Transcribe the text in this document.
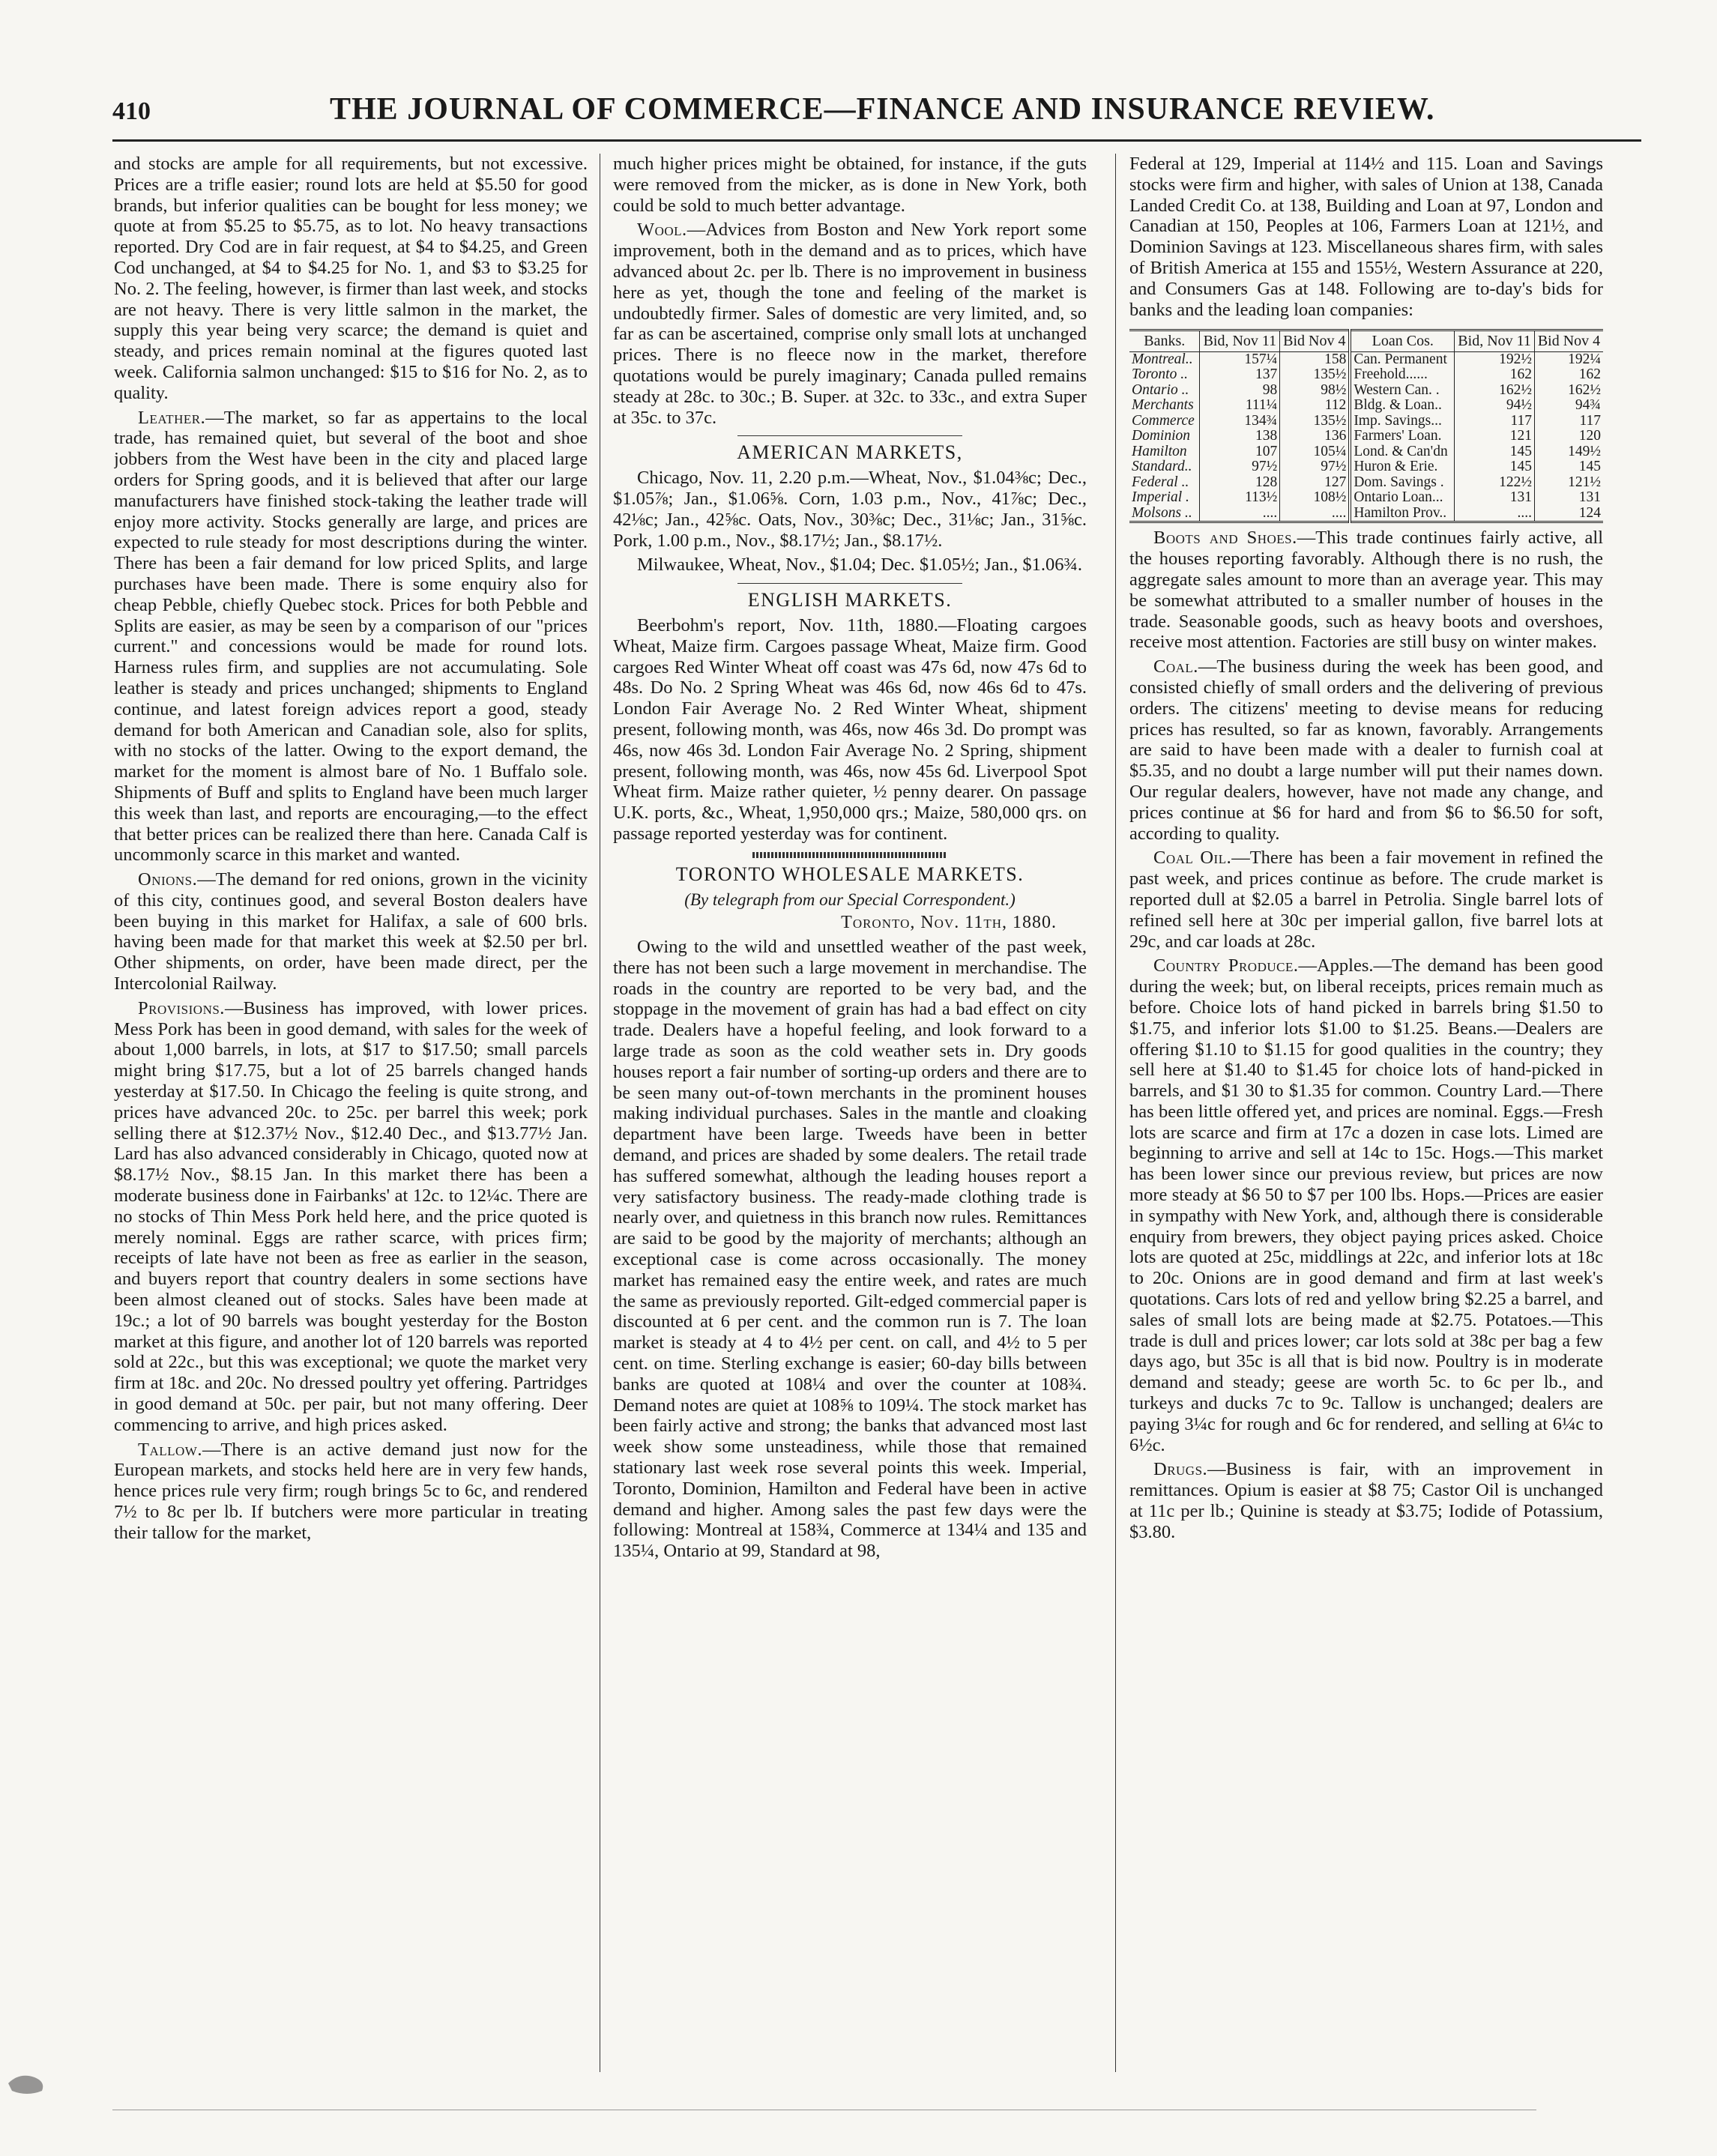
410	THE JOURNAL OF COMMERCE—FINANCE AND INSURANCE REVIEW.

and stocks are ample for all requirements, but not excessive. Prices are a trifle easier; round lots are held at $5.50 for good brands, but inferior qualities can be bought for less money; we quote at from $5.25 to $5.75, as to lot. No heavy transactions reported. Dry Cod are in fair request, at $4 to $4.25, and Green Cod unchanged, at $4 to $4.25 for No. 1, and $3 to $3.25 for No. 2. The feeling, however, is firmer than last week, and stocks are not heavy. There is very little salmon in the market, the supply this year being very scarce; the demand is quiet and steady, and prices remain nominal at the figures quoted last week. California salmon unchanged: $15 to $16 for No. 2, as to quality.

Leather.—The market, so far as appertains to the local trade, has remained quiet, but several of the boot and shoe jobbers from the West have been in the city and placed large orders for Spring goods, and it is believed that after our large manufacturers have finished stock-taking the leather trade will enjoy more activity. Stocks generally are large, and prices are expected to rule steady for most descriptions during the winter. There has been a fair demand for low priced Splits, and large purchases have been made. There is some enquiry also for cheap Pebble, chiefly Quebec stock. Prices for both Pebble and Splits are easier, as may be seen by a comparison of our "prices current." and concessions would be made for round lots. Harness rules firm, and supplies are not accumulating. Sole leather is steady and prices unchanged; shipments to England continue, and latest foreign advices report a good, steady demand for both American and Canadian sole, also for splits, with no stocks of the latter. Owing to the export demand, the market for the moment is almost bare of No. 1 Buffalo sole. Shipments of Buff and splits to England have been much larger this week than last, and reports are encouraging,—to the effect that better prices can be realized there than here. Canada Calf is uncommonly scarce in this market and wanted.

Onions.—The demand for red onions, grown in the vicinity of this city, continues good, and several Boston dealers have been buying in this market for Halifax, a sale of 600 brls. having been made for that market this week at $2.50 per brl. Other shipments, on order, have been made direct, per the Intercolonial Railway.

Provisions.—Business has improved, with lower prices. Mess Pork has been in good demand, with sales for the week of about 1,000 barrels, in lots, at $17 to $17.50; small parcels might bring $17.75, but a lot of 25 barrels changed hands yesterday at $17.50. In Chicago the feeling is quite strong, and prices have advanced 20c. to 25c. per barrel this week; pork selling there at $12.37½ Nov., $12.40 Dec., and $13.77½ Jan. Lard has also advanced considerably in Chicago, quoted now at $8.17½ Nov., $8.15 Jan. In this market there has been a moderate business done in Fairbanks' at 12c. to 12¼c. There are no stocks of Thin Mess Pork held here, and the price quoted is merely nominal. Eggs are rather scarce, with prices firm; receipts of late have not been as free as earlier in the season, and buyers report that country dealers in some sections have been almost cleaned out of stocks. Sales have been made at 19c.; a lot of 90 barrels was bought yesterday for the Boston market at this figure, and another lot of 120 barrels was reported sold at 22c., but this was exceptional; we quote the market very firm at 18c. and 20c. No dressed poultry yet offering. Partridges in good demand at 50c. per pair, but not many offering. Deer commencing to arrive, and high prices asked.

Tallow.—There is an active demand just now for the European markets, and stocks held here are in very few hands, hence prices rule very firm; rough brings 5c to 6c, and rendered 7½ to 8c per lb. If butchers were more particular in treating their tallow for the market,

much higher prices might be obtained, for instance, if the guts were removed from the micker, as is done in New York, both could be sold to much better advantage.

Wool.—Advices from Boston and New York report some improvement, both in the demand and as to prices, which have advanced about 2c. per lb. There is no improvement in business here as yet, though the tone and feeling of the market is undoubtedly firmer. Sales of domestic are very limited, and, so far as can be ascertained, comprise only small lots at unchanged prices. There is no fleece now in the market, therefore quotations would be purely imaginary; Canada pulled remains steady at 28c. to 30c.; B. Super. at 32c. to 33c., and extra Super at 35c. to 37c.

AMERICAN MARKETS,

Chicago, Nov. 11, 2.20 p.m.—Wheat, Nov., $1.04⅜c; Dec., $1.05⅞; Jan., $1.06⅝. Corn, 1.03 p.m., Nov., 41⅞c; Dec., 42⅛c; Jan., 42⅝c. Oats, Nov., 30⅜c; Dec., 31⅛c; Jan., 31⅝c. Pork, 1.00 p.m., Nov., $8.17½; Jan., $8.17½.

Milwaukee, Wheat, Nov., $1.04; Dec. $1.05½; Jan., $1.06¾.

ENGLISH MARKETS.

Beerbohm's report, Nov. 11th, 1880.—Floating cargoes Wheat, Maize firm. Cargoes passage Wheat, Maize firm. Good cargoes Red Winter Wheat off coast was 47s 6d, now 47s 6d to 48s. Do No. 2 Spring Wheat was 46s 6d, now 46s 6d to 47s. London Fair Average No. 2 Red Winter Wheat, shipment present, following month, was 46s, now 46s 3d. Do prompt was 46s, now 46s 3d. London Fair Average No. 2 Spring, shipment present, following month, was 46s, now 45s 6d. Liverpool Spot Wheat firm. Maize rather quieter, ½ penny dearer. On passage U.K. ports, &c., Wheat, 1,950,000 qrs.; Maize, 580,000 qrs. on passage reported yesterday was for continent.

TORONTO WHOLESALE MARKETS.
(By telegraph from our Special Correspondent.)
Toronto, Nov. 11th, 1880.

Owing to the wild and unsettled weather of the past week, there has not been such a large movement in merchandise. The roads in the country are reported to be very bad, and the stoppage in the movement of grain has had a bad effect on city trade. Dealers have a hopeful feeling, and look forward to a large trade as soon as the cold weather sets in. Dry goods houses report a fair number of sorting-up orders and there are to be seen many out-of-town merchants in the prominent houses making individual purchases. Sales in the mantle and cloaking department have been large. Tweeds have been in better demand, and prices are shaded by some dealers. The retail trade has suffered somewhat, although the leading houses report a very satisfactory business. The ready-made clothing trade is nearly over, and quietness in this branch now rules. Remittances are said to be good by the majority of merchants; although an exceptional case is come across occasionally. The money market has remained easy the entire week, and rates are much the same as previously reported. Gilt-edged commercial paper is discounted at 6 per cent. and the common run is 7. The loan market is steady at 4 to 4½ per cent. on call, and 4½ to 5 per cent. on time. Sterling exchange is easier; 60-day bills between banks are quoted at 108¼ and over the counter at 108¾. Demand notes are quiet at 108⅝ to 109¼. The stock market has been fairly active and strong; the banks that advanced most last week show some unsteadiness, while those that remained stationary last week rose several points this week. Imperial, Toronto, Dominion, Hamilton and Federal have been in active demand and higher. Among sales the past few days were the following: Montreal at 158¾, Commerce at 134¼ and 135 and 135¼, Ontario at 99, Standard at 98,

Federal at 129, Imperial at 114½ and 115. Loan and Savings stocks were firm and higher, with sales of Union at 138, Canada Landed Credit Co. at 138, Building and Loan at 97, London and Canadian at 150, Peoples at 106, Farmers Loan at 121½, and Dominion Savings at 123. Miscellaneous shares firm, with sales of British America at 155 and 155½, Western Assurance at 220, and Consumers Gas at 148. Following are to-day's bids for banks and the leading loan companies:

Banks.	Bid, Nov 11	Bid Nov 4	Loan Cos.	Bid, Nov 11	Bid Nov 4
Montreal..	157¼	158	Can. Permanent	192½	192¼
Toronto ..	137	135½	Freehold......	162	162
Ontario ..	98	98½	Western Can. .	162½	162½
Merchants	111¼	112	Bldg. & Loan..	94½	94¾
Commerce	134¾	135½	Imp. Savings...	117	117
Dominion	138	136	Farmers' Loan.	121	120
Hamilton	107	105¼	Lond. & Can'dn	145	149½
Standard..	97½	97½	Huron & Erie.	145	145
Federal ..	128	127	Dom. Savings .	122½	121½
Imperial .	113½	108½	Ontario Loan...	131	131
Molsons ..	....	....	Hamilton Prov..	....	124

Boots and Shoes.—This trade continues fairly active, all the houses reporting favorably. Although there is no rush, the aggregate sales amount to more than an average year. This may be somewhat attributed to a smaller number of houses in the trade. Seasonable goods, such as heavy boots and overshoes, receive most attention. Factories are still busy on winter makes.

Coal.—The business during the week has been good, and consisted chiefly of small orders and the delivering of previous orders. The citizens' meeting to devise means for reducing prices has resulted, so far as known, favorably. Arrangements are said to have been made with a dealer to furnish coal at $5.35, and no doubt a large number will put their names down. Our regular dealers, however, have not made any change, and prices continue at $6 for hard and from $6 to $6.50 for soft, according to quality.

Coal Oil.—There has been a fair movement in refined the past week, and prices continue as before. The crude market is reported dull at $2.05 a barrel in Petrolia. Single barrel lots of refined sell here at 30c per imperial gallon, five barrel lots at 29c, and car loads at 28c.

Country Produce.—Apples.—The demand has been good during the week; but, on liberal receipts, prices remain much as before. Choice lots of hand picked in barrels bring $1.50 to $1.75, and inferior lots $1.00 to $1.25. Beans.—Dealers are offering $1.10 to $1.15 for good qualities in the country; they sell here at $1.40 to $1.45 for choice lots of hand-picked in barrels, and $1 30 to $1.35 for common. Country Lard.—There has been little offered yet, and prices are nominal. Eggs.—Fresh lots are scarce and firm at 17c a dozen in case lots. Limed are beginning to arrive and sell at 14c to 15c. Hogs.—This market has been lower since our previous review, but prices are now more steady at $6 50 to $7 per 100 lbs. Hops.—Prices are easier in sympathy with New York, and, although there is considerable enquiry from brewers, they object paying prices asked. Choice lots are quoted at 25c, middlings at 22c, and inferior lots at 18c to 20c. Onions are in good demand and firm at last week's quotations. Cars lots of red and yellow bring $2.25 a barrel, and sales of small lots are being made at $2.75. Potatoes.—This trade is dull and prices lower; car lots sold at 38c per bag a few days ago, but 35c is all that is bid now. Poultry is in moderate demand and steady; geese are worth 5c. to 6c per lb., and turkeys and ducks 7c to 9c. Tallow is unchanged; dealers are paying 3¼c for rough and 6c for rendered, and selling at 6¼c to 6½c.

Drugs.—Business is fair, with an improvement in remittances. Opium is easier at $8 75; Castor Oil is unchanged at 11c per lb.; Quinine is steady at $3.75; Iodide of Potassium, $3.80.
